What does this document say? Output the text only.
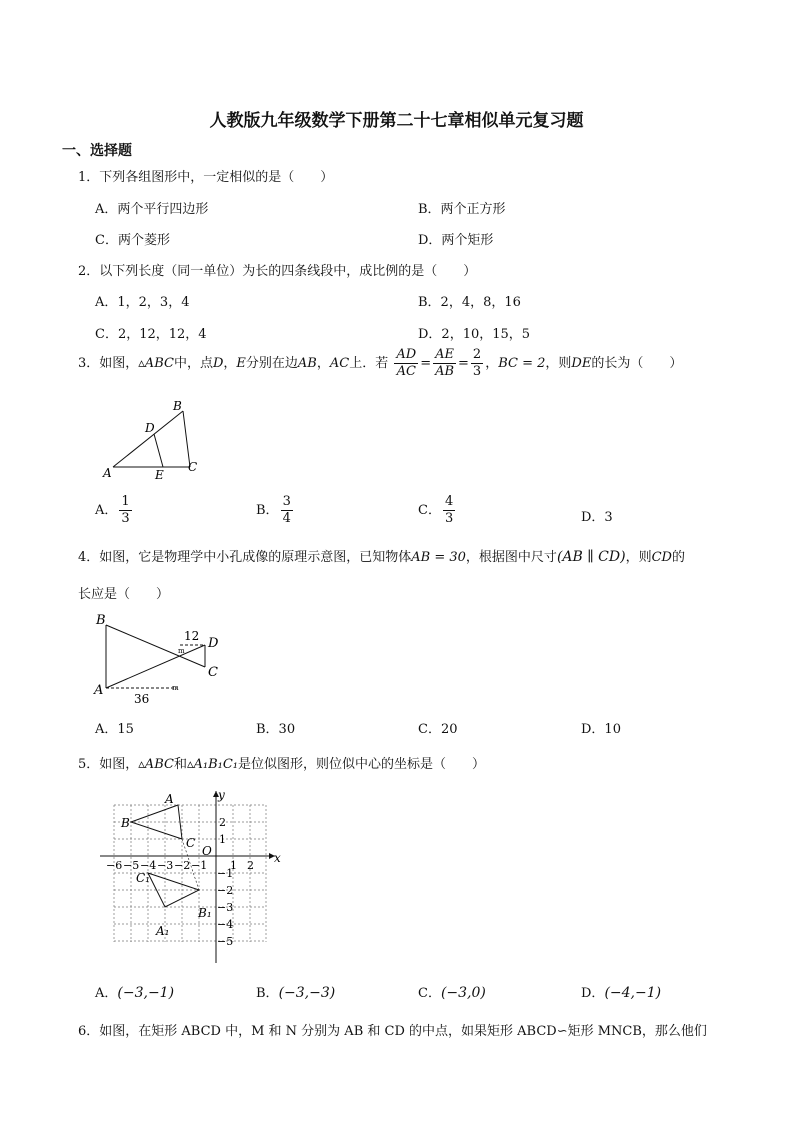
人教版九年级数学下册第二十七章相似单元复习题
一、选择题
1．下列各组图形中，一定相似的是（　　）
A．两个平行四边形	B．两个正方形
C．两个菱形	D．两个矩形
2．以下列长度（同一单位）为长的四条线段中，成比例的是（　　）
A．1，2，3，4	B．2，4，8，16
C．2，12，12，4	D．2，10，15，5
3．如图，▵ABC中，点D，E分别在边AB，AC上．若 $\frac{AD}{AC} = \frac{AE}{AB} = \frac{2}{3}$ ，BC = 2，则DE的长为（　　）
A
B
C
D
E
A． $\frac{1}{3}$	B． $\frac{3}{4}$	C． $\frac{4}{3}$	D．3
4．如图，它是物理学中小孔成像的原理示意图，已知物体AB = 30，根据图中尺寸(AB ∥ CD)，则CD的
长应是（　　）
B
D
C
A
12
m
36
m
A．15	B．30	C．20	D．10
5．如图，▵ABC和▵A₁B₁C₁是位似图形，则位似中心的坐标是（　　）
x
y
O
−6 −5 −4 −3 −2 −1 1 2
2
1
−1
−2
−3
−4
−5
A
B
C
C₁
A₁
B₁
A．(−3,−1)	B．(−3,−3)	C．(−3,0)	D．(−4,−1)
6．如图，在矩形 ABCD 中，M 和 N 分别为 AB 和 CD 的中点，如果矩形 ABCD∽矩形 MNCB，那么他们
